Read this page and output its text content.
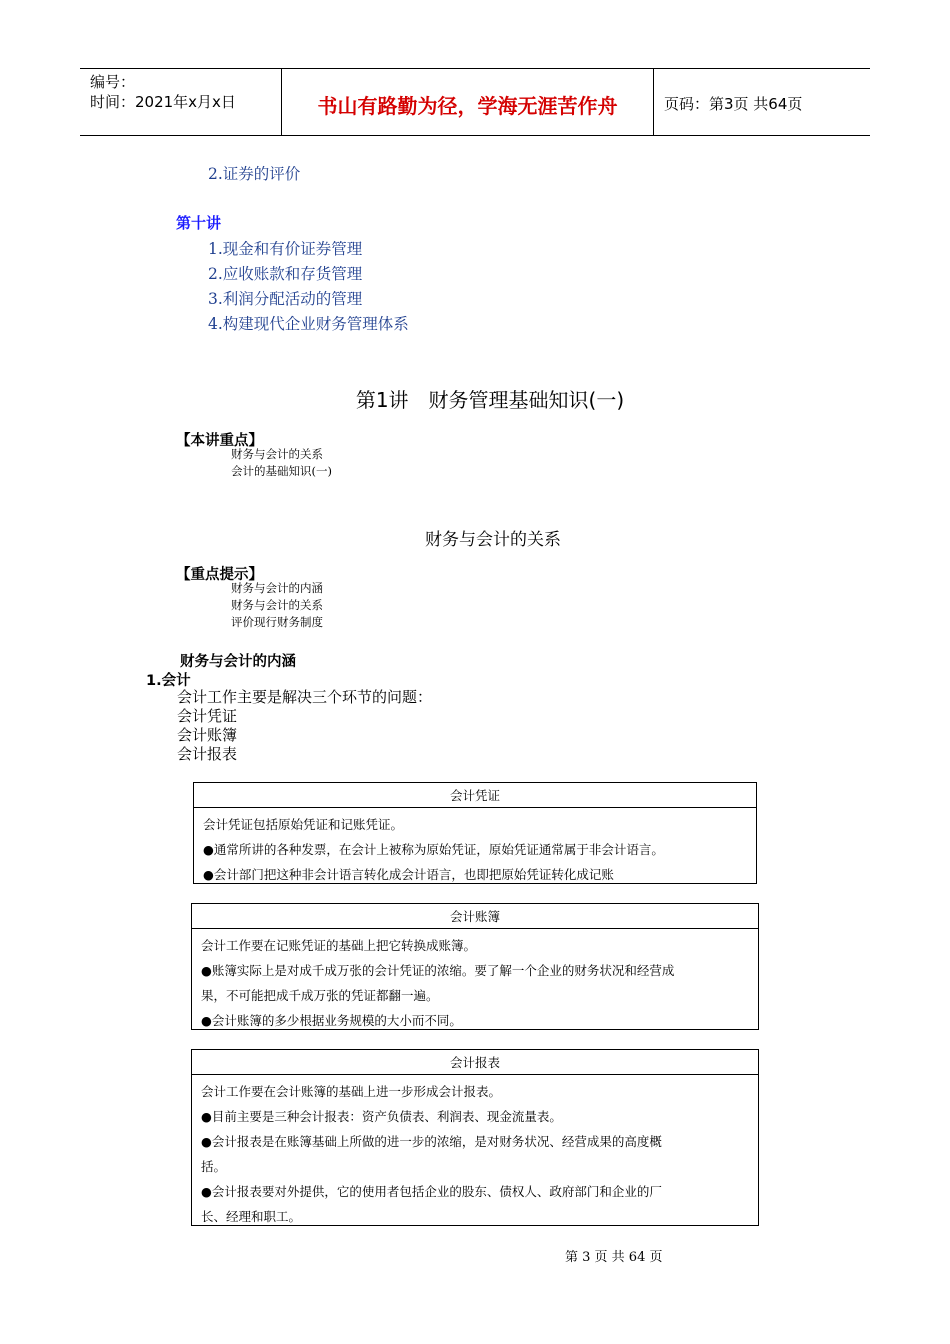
编号：
时间：2021年x月x日	书山有路勤为径，学海无涯苦作舟	页码：第3页 共64页
2.证券的评价
第十讲
1.现金和有价证券管理
2.应收账款和存货管理
3.利润分配活动的管理
4.构建现代企业财务管理体系
第1讲　财务管理基础知识(一)
【本讲重点】
财务与会计的关系
会计的基础知识(一)
财务与会计的关系
【重点提示】
财务与会计的内涵
财务与会计的关系
评价现行财务制度
财务与会计的内涵
1.会计
会计工作主要是解决三个环节的问题：
会计凭证
会计账簿
会计报表
会计凭证
会计凭证包括原始凭证和记账凭证。
●通常所讲的各种发票，在会计上被称为原始凭证，原始凭证通常属于非会计语言。
●会计部门把这种非会计语言转化成会计语言，也即把原始凭证转化成记账
会计账簿
会计工作要在记账凭证的基础上把它转换成账簿。
●账簿实际上是对成千成万张的会计凭证的浓缩。要了解一个企业的财务状况和经营成
果，不可能把成千成万张的凭证都翻一遍。
●会计账簿的多少根据业务规模的大小而不同。
会计报表
会计工作要在会计账簿的基础上进一步形成会计报表。
●目前主要是三种会计报表：资产负债表、利润表、现金流量表。
●会计报表是在账簿基础上所做的进一步的浓缩，是对财务状况、经营成果的高度概
括。
●会计报表要对外提供，它的使用者包括企业的股东、债权人、政府部门和企业的厂
长、经理和职工。
第 3 页 共 64 页
